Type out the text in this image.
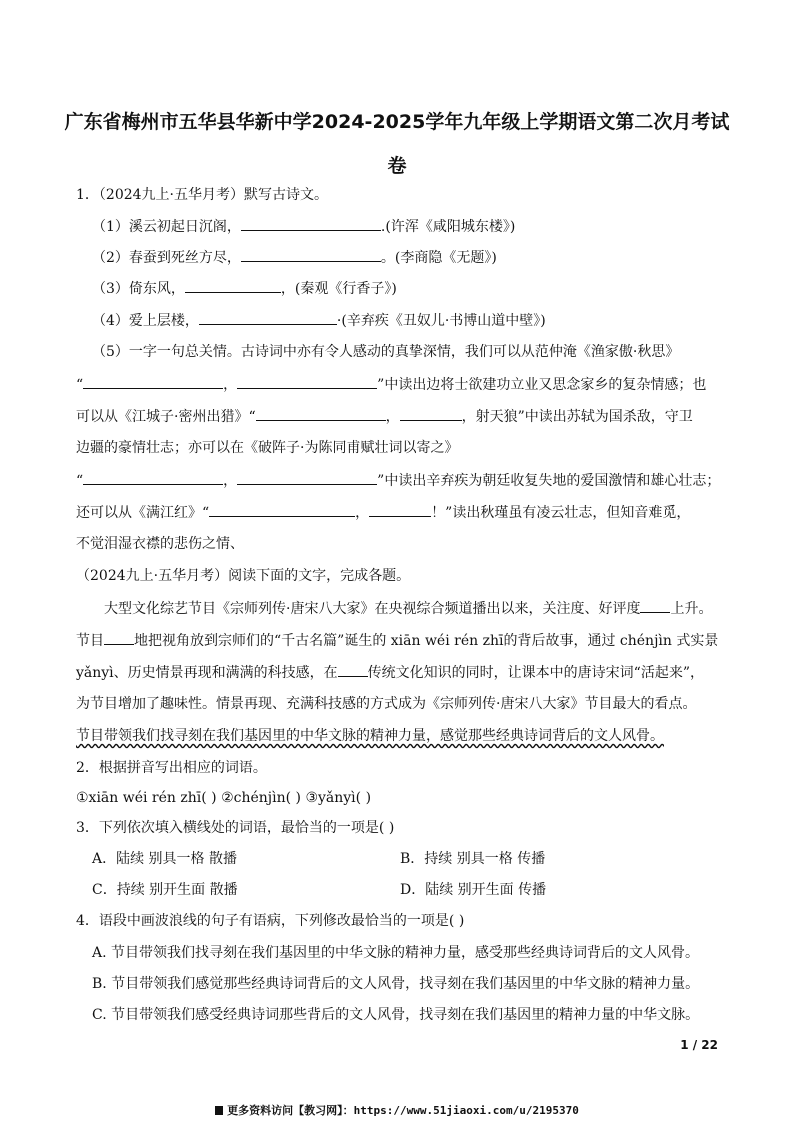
广东省梅州市五华县华新中学2024-2025学年九年级上学期语文第二次月考试
卷
1．（2024九上·五华月考）默写古诗文。
（1）溪云初起日沉阁，	.(许浑《咸阳城东楼》)
（2）春蚕到死丝方尽，	。(李商隐《无题》)
（3）倚东风，	，(秦观《行香子》)
（4）爱上层楼，	·(辛弃疾《丑奴儿·书博山道中壁》)
（5）一字一句总关情。古诗词中亦有令人感动的真挚深情，我们可以从范仲淹《渔家傲·秋思》
“	，	”中读出边将士欲建功立业又思念家乡的复杂情感；也
可以从《江城子·密州出猎》“	，	，射天狼”中读出苏轼为国杀敌，守卫
边疆的豪情壮志；亦可以在《破阵子·为陈同甫赋壮词以寄之》
“	，	”中读出辛弃疾为朝廷收复失地的爱国激情和雄心壮志；
还可以从《满江红》“	，	！”读出秋瑾虽有凌云壮志，但知音难觅，
不觉泪湿衣襟的悲伤之情、
（2024九上·五华月考）阅读下面的文字，完成各题。
大型文化综艺节目《宗师列传·唐宋八大家》在央视综合频道播出以来，关注度、好评度 上升。
节目 地把视角放到宗师们的“千古名篇”诞生的 xiān wéi rén zhī的背后故事，通过 chénjìn 式实景
yǎnyì、历史情景再现和满满的科技感，在 传统文化知识的同时，让课本中的唐诗宋词“活起来”，
为节目增加了趣味性。情景再现、充满科技感的方式成为《宗师列传·唐宋八大家》节目最大的看点。
节目带领我们找寻刻在我们基因里的中华文脉的精神力量，感觉那些经典诗词背后的文人风骨。
2．根据拼音写出相应的词语。
①xiān wéi rén zhī( ) ②chénjìn( ) ③yǎnyì( )
3．下列依次填入横线处的词语，最恰当的一项是( )
A．陆续 别具一格 散播	B．持续 别具一格 传播
C．持续 别开生面 散播	D．陆续 别开生面 传播
4．语段中画波浪线的句子有语病，下列修改最恰当的一项是( )
A. 节目带领我们找寻刻在我们基因里的中华文脉的精神力量，感受那些经典诗词背后的文人风骨。
B. 节目带领我们感觉那些经典诗词背后的文人风骨，找寻刻在我们基因里的中华文脉的精神力量。
C. 节目带领我们感受经典诗词那些背后的文人风骨，找寻刻在我们基因里的精神力量的中华文脉。
1 / 22
更多资料访问【教习网】：https://www.51jiaoxi.com/u/2195370
